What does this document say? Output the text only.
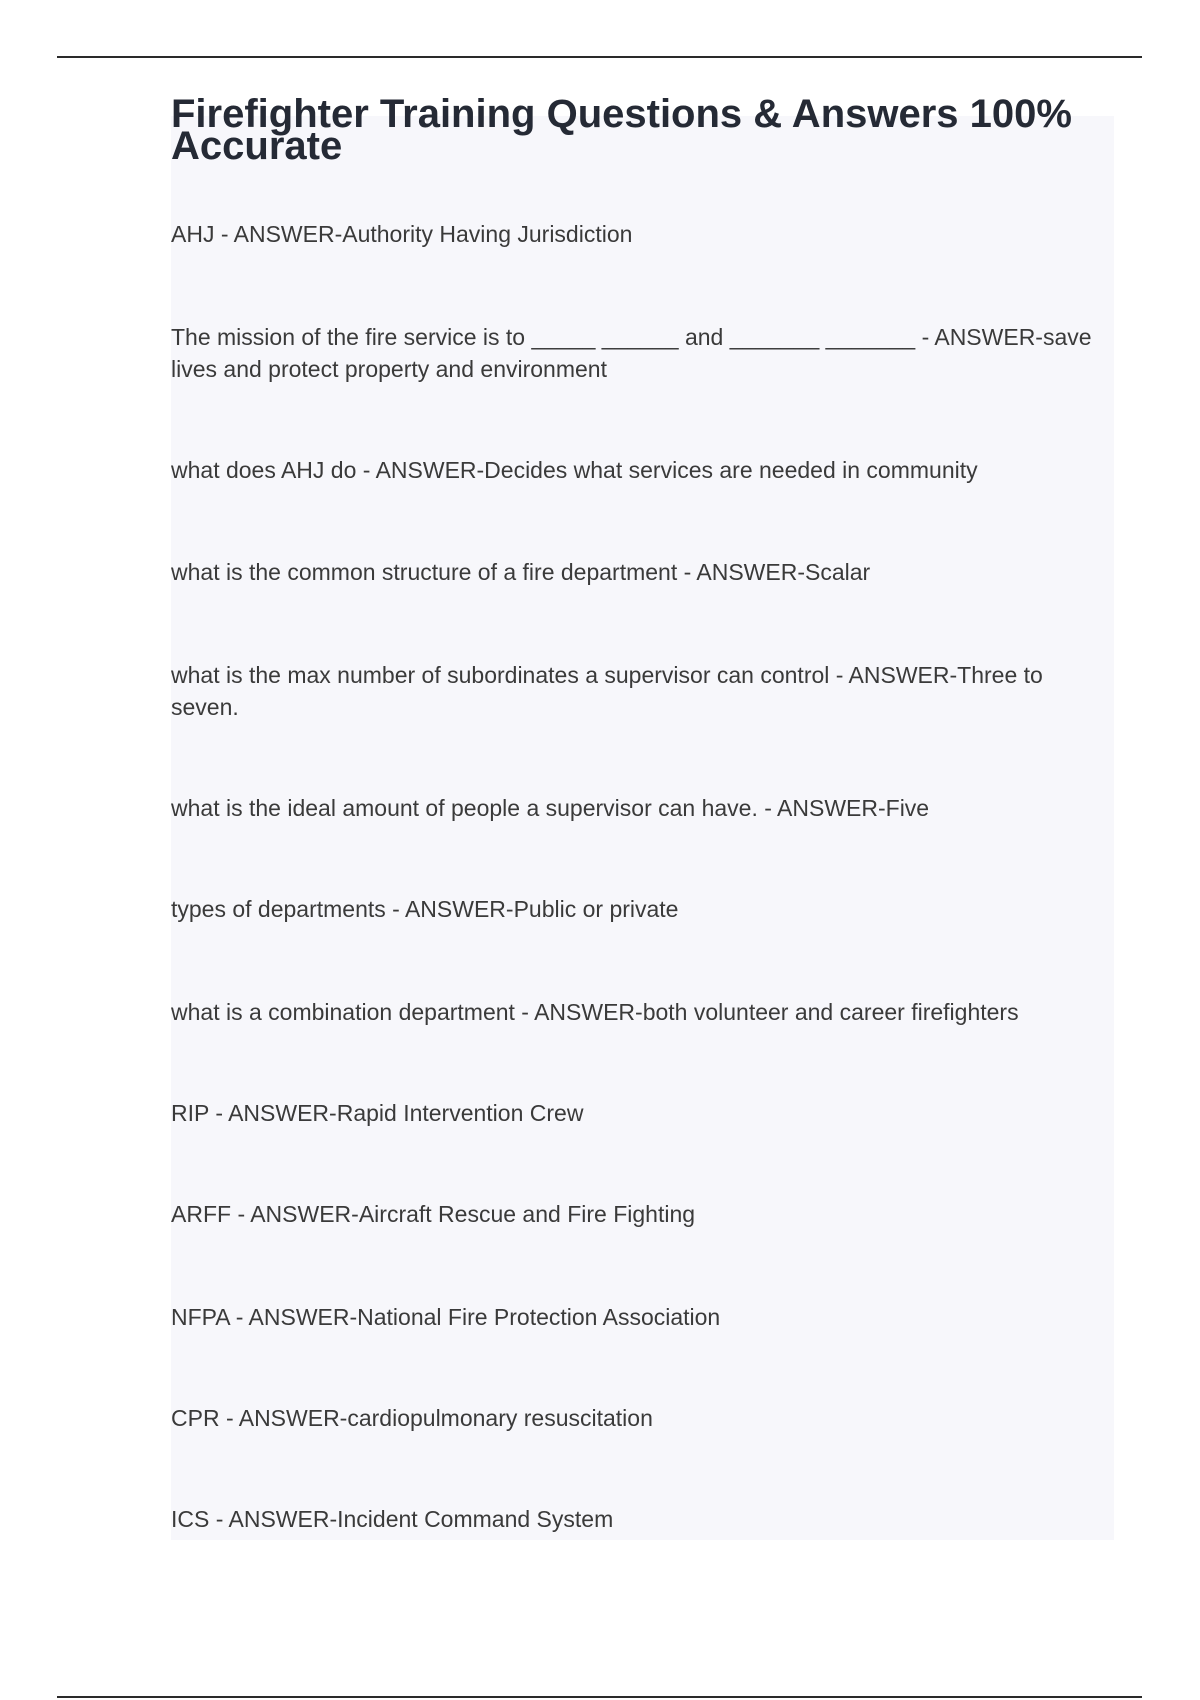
Firefighter Training Questions & Answers 100% Accurate
AHJ - ANSWER-Authority Having Jurisdiction
The mission of the fire service is to _____ ______ and _______ _______ - ANSWER-save lives and protect property and environment
what does AHJ do - ANSWER-Decides what services are needed in community
what is the common structure of a fire department - ANSWER-Scalar
what is the max number of subordinates a supervisor can control - ANSWER-Three to seven.
what is the ideal amount of people a supervisor can have. - ANSWER-Five
types of departments - ANSWER-Public or private
what is a combination department - ANSWER-both volunteer and career firefighters
RIP - ANSWER-Rapid Intervention Crew
ARFF - ANSWER-Aircraft Rescue and Fire Fighting
NFPA - ANSWER-National Fire Protection Association
CPR - ANSWER-cardiopulmonary resuscitation
ICS - ANSWER-Incident Command System
